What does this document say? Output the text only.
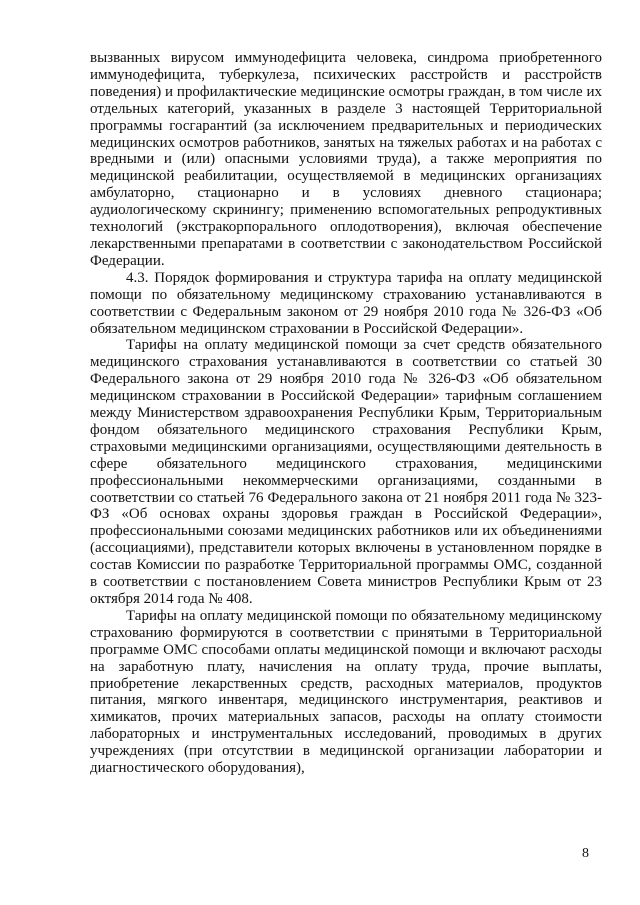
вызванных вирусом иммунодефицита человека, синдрома приобретенного иммунодефицита, туберкулеза, психических расстройств и расстройств поведения) и профилактические медицинские осмотры граждан, в том числе их отдельных категорий, указанных в разделе 3 настоящей Территориальной программы госгарантий (за исключением предварительных и периодических медицинских осмотров работников, занятых на тяжелых работах и на работах с вредными и (или) опасными условиями труда), а также мероприятия по медицинской реабилитации, осуществляемой в медицинских организациях амбулаторно, стационарно и в условиях дневного стационара; аудиологическому скринингу; применению вспомогательных репродуктивных технологий (экстракорпорального оплодотворения), включая обеспечение лекарственными препаратами в соответствии с законодательством Российской Федерации.

4.3. Порядок формирования и структура тарифа на оплату медицинской помощи по обязательному медицинскому страхованию устанавливаются в соответствии с Федеральным законом от 29 ноября 2010 года № 326-ФЗ «Об обязательном медицинском страховании в Российской Федерации».

Тарифы на оплату медицинской помощи за счет средств обязательного медицинского страхования устанавливаются в соответствии со статьей 30 Федерального закона от 29 ноября 2010 года № 326-ФЗ «Об обязательном медицинском страховании в Российской Федерации» тарифным соглашением между Министерством здравоохранения Республики Крым, Территориальным фондом обязательного медицинского страхования Республики Крым, страховыми медицинскими организациями, осуществляющими деятельность в сфере обязательного медицинского страхования, медицинскими профессиональными некоммерческими организациями, созданными в соответствии со статьей 76 Федерального закона от 21 ноября 2011 года № 323-ФЗ «Об основах охраны здоровья граждан в Российской Федерации», профессиональными союзами медицинских работников или их объединениями (ассоциациями), представители которых включены в установленном порядке в состав Комиссии по разработке Территориальной программы ОМС, созданной в соответствии с постановлением Совета министров Республики Крым от 23 октября 2014 года № 408.

Тарифы на оплату медицинской помощи по обязательному медицинскому страхованию формируются в соответствии с принятыми в Территориальной программе ОМС способами оплаты медицинской помощи и включают расходы на заработную плату, начисления на оплату труда, прочие выплаты, приобретение лекарственных средств, расходных материалов, продуктов питания, мягкого инвентаря, медицинского инструментария, реактивов и химикатов, прочих материальных запасов, расходы на оплату стоимости лабораторных и инструментальных исследований, проводимых в других учреждениях (при отсутствии в медицинской организации лаборатории и диагностического оборудования),

8
